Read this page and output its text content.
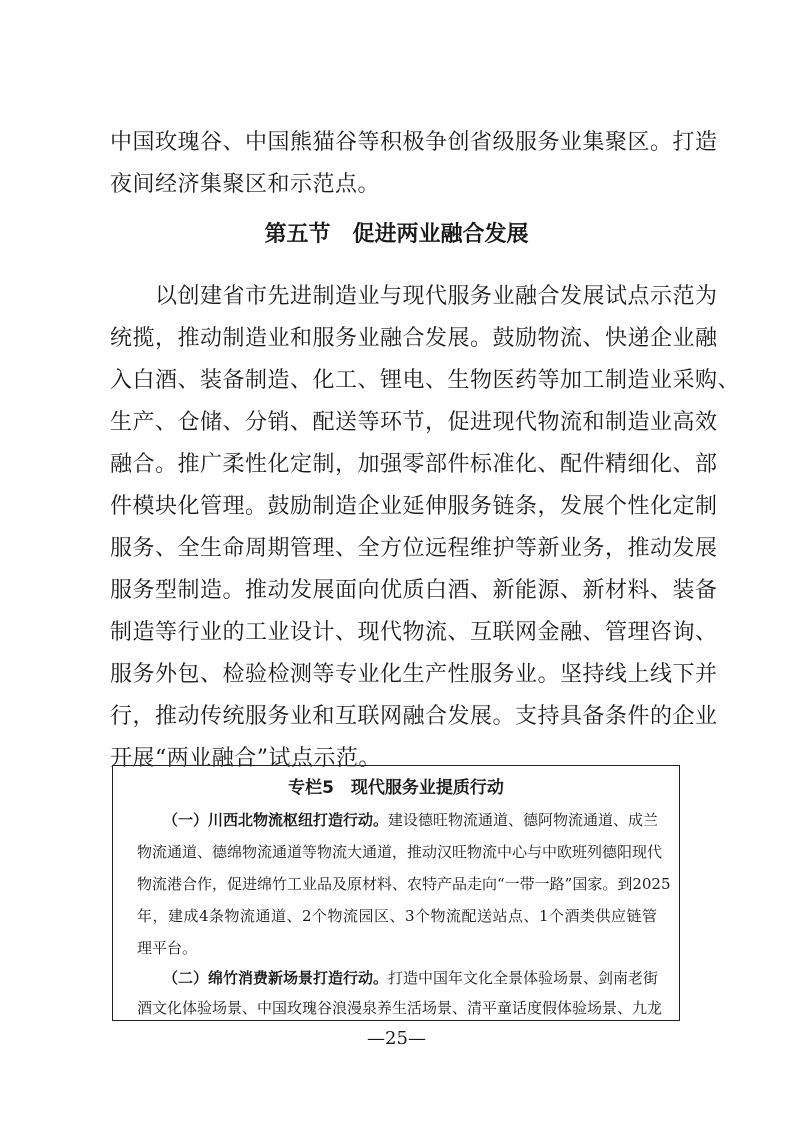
中国玫瑰谷、中国熊猫谷等积极争创省级服务业集聚区。打造
夜间经济集聚区和示范点。
第五节　促进两业融合发展
以创建省市先进制造业与现代服务业融合发展试点示范为
统揽，推动制造业和服务业融合发展。鼓励物流、快递企业融
入白酒、装备制造、化工、锂电、生物医药等加工制造业采购、
生产、仓储、分销、配送等环节，促进现代物流和制造业高效
融合。推广柔性化定制，加强零部件标准化、配件精细化、部
件模块化管理。鼓励制造企业延伸服务链条，发展个性化定制
服务、全生命周期管理、全方位远程维护等新业务，推动发展
服务型制造。推动发展面向优质白酒、新能源、新材料、装备
制造等行业的工业设计、现代物流、互联网金融、管理咨询、
服务外包、检验检测等专业化生产性服务业。坚持线上线下并
行，推动传统服务业和互联网融合发展。支持具备条件的企业
开展“两业融合”试点示范。
专栏5　现代服务业提质行动
（一）川西北物流枢纽打造行动。建设德旺物流通道、德阿物流通道、成兰
物流通道、德绵物流通道等物流大通道，推动汉旺物流中心与中欧班列德阳现代
物流港合作，促进绵竹工业品及原材料、农特产品走向“一带一路”国家。到2025
年，建成4条物流通道、2个物流园区、3个物流配送站点、1个酒类供应链管
理平台。
（二）绵竹消费新场景打造行动。打造中国年文化全景体验场景、剑南老街
酒文化体验场景、中国玫瑰谷浪漫泉养生活场景、清平童话度假体验场景、九龙
—25—
